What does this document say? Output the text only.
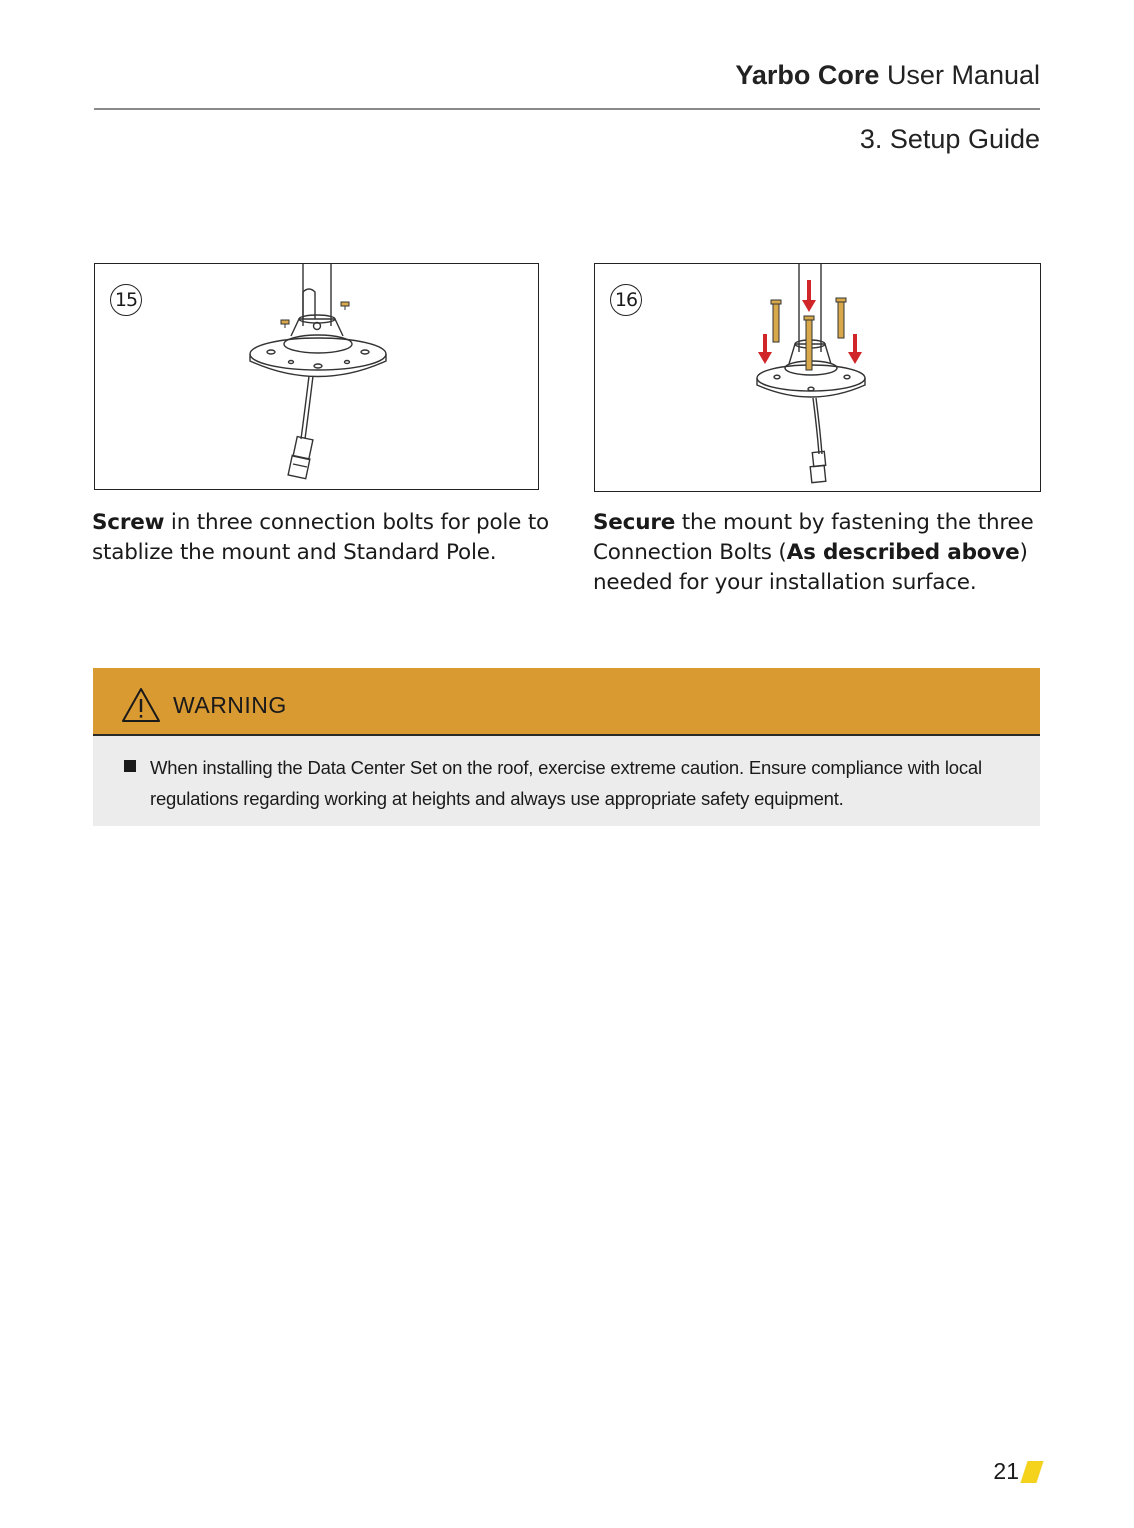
Yarbo Core User Manual
3. Setup Guide
15	16
Screw in three connection bolts for pole to stablize the mount and Standard Pole.
Secure the mount by fastening the three Connection Bolts (As described above) needed for your installation surface.
WARNING
When installing the Data Center Set on the roof, exercise extreme caution. Ensure compliance with local regulations regarding working at heights and always use appropriate safety equipment.
21
